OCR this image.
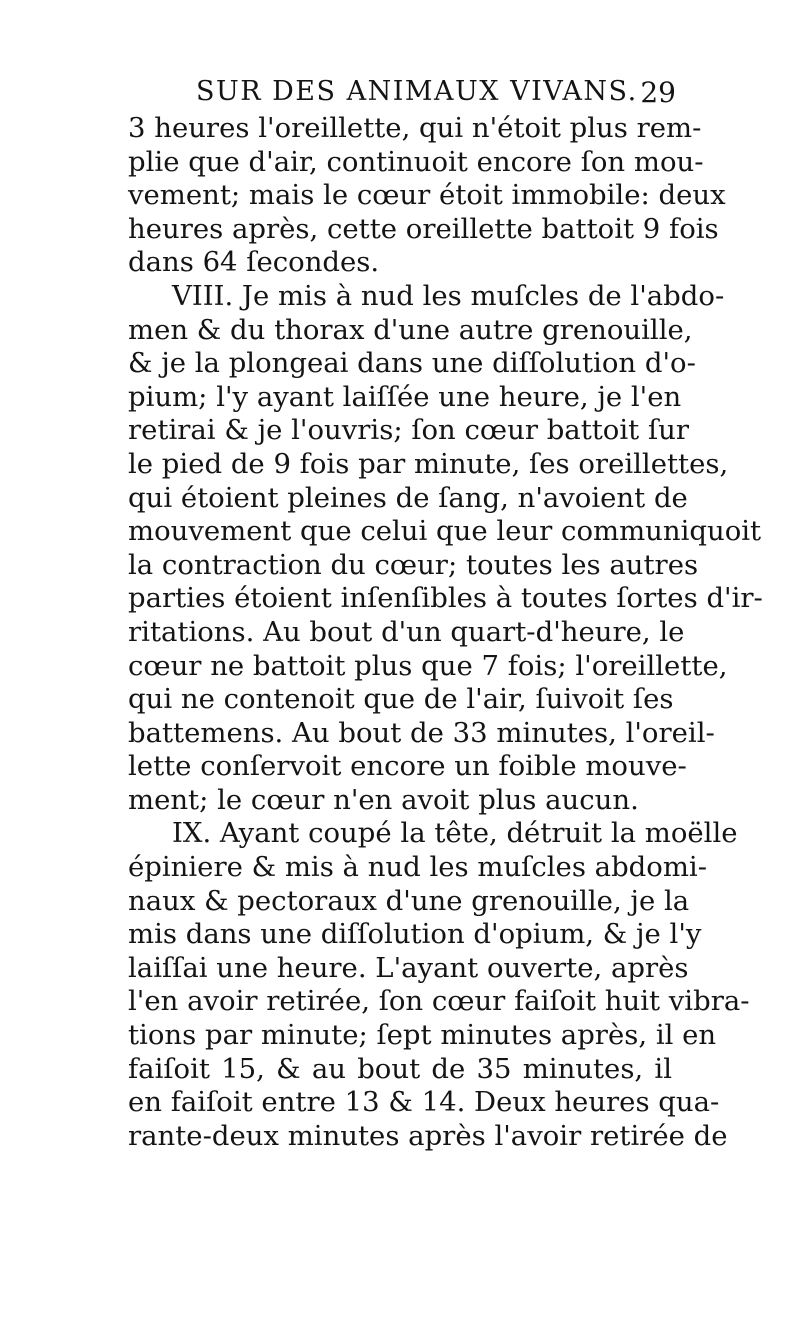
SUR DES ANIMAUX VIVANS. 29
3 heures l'oreillette, qui n'étoit plus rem-
plie que d'air, continuoit encore ſon mou-
vement; mais le cœur étoit immobile: deux
heures après, cette oreillette battoit 9 fois
dans 64 ſecondes.
VIII. Je mis à nud les muſcles de l'abdo-
men & du thorax d'une autre grenouille,
& je la plongeai dans une diſſolution d'o-
pium; l'y ayant laiſſée une heure, je l'en
retirai & je l'ouvris; ſon cœur battoit ſur
le pied de 9 fois par minute, ſes oreillettes,
qui étoient pleines de ſang, n'avoient de
mouvement que celui que leur communiquoit
la contraction du cœur; toutes les autres
parties étoient inſenſibles à toutes ſortes d'ir-
ritations. Au bout d'un quart-d'heure, le
cœur ne battoit plus que 7 fois; l'oreillette,
qui ne contenoit que de l'air, ſuivoit ſes
battemens. Au bout de 33 minutes, l'oreil-
lette conſervoit encore un foible mouve-
ment; le cœur n'en avoit plus aucun.
IX. Ayant coupé la tête, détruit la moëlle
épiniere & mis à nud les muſcles abdomi-
naux & pectoraux d'une grenouille, je la
mis dans une diſſolution d'opium, & je l'y
laiſſai une heure. L'ayant ouverte, après
l'en avoir retirée, ſon cœur faiſoit huit vibra-
tions par minute; ſept minutes après, il en
faiſoit 15, & au bout de 35 minutes, il
en faiſoit entre 13 & 14. Deux heures qua-
rante-deux minutes après l'avoir retirée de
